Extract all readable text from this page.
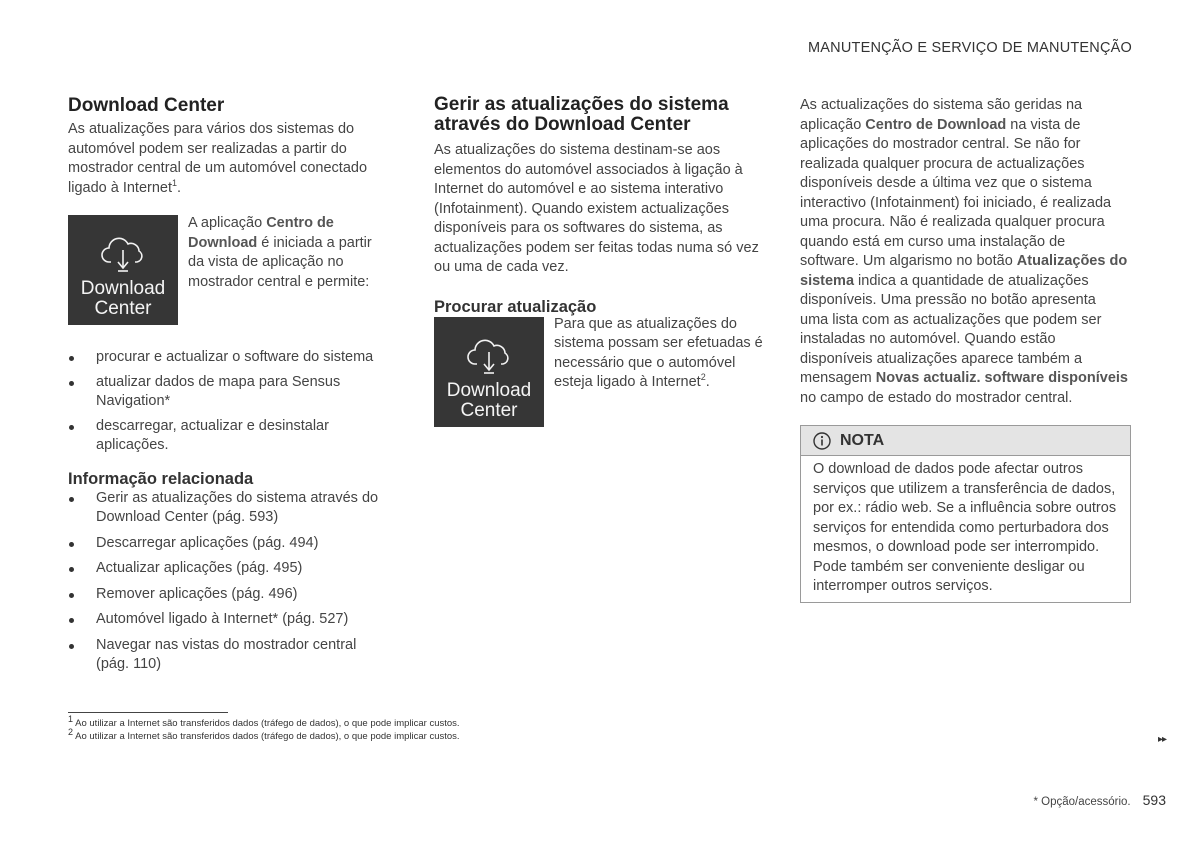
MANUTENÇÃO E SERVIÇO DE MANUTENÇÃO
Download Center

As atualizações para vários dos sistemas do automóvel podem ser realizadas a partir do mostrador central de um automóvel conectado ligado à Internet$^1$.

Download Center

A aplicação Centro de Download é iniciada a partir da vista de aplicação no mostrador central e permite:

procurar e actualizar o software do sistema
atualizar dados de mapa para Sensus Navigation*
descarregar, actualizar e desinstalar aplicações.
Informação relacionada
Gerir as atualizações do sistema através do Download Center (pág. 593)
Descarregar aplicações (pág. 494)
Actualizar aplicações (pág. 495)
Remover aplicações (pág. 496)
Automóvel ligado à Internet* (pág. 527)
Navegar nas vistas do mostrador central (pág. 110)
Gerir as atualizações do sistema através do Download Center

As atualizações do sistema destinam-se aos elementos do automóvel associados à ligação à Internet do automóvel e ao sistema interativo (Infotainment). Quando existem actualizações disponíveis para os softwares do sistema, as actualizações podem ser feitas todas numa só vez ou uma de cada vez.

Procurar atualização
Download Center

Para que as atualizações do sistema possam ser efetuadas é necessário que o automóvel esteja ligado à Internet$^2$.

As actualizações do sistema são geridas na aplicação Centro de Download na vista de aplicações do mostrador central. Se não for realizada qualquer procura de actualizações disponíveis desde a última vez que o sistema interactivo (Infotainment) foi iniciado, é realizada uma procura. Não é realizada qualquer procura quando está em curso uma instalação de software. Um algarismo no botão Atualizações do sistema indica a quantidade de atualizações disponíveis. Uma pressão no botão apresenta uma lista com as actualizações que podem ser instaladas no automóvel. Quando estão disponíveis atualizações aparece também a mensagem Novas actualiz. software disponíveis no campo de estado do mostrador central.

NOTA

O download de dados pode afectar outros serviços que utilizem a transferência de dados, por ex.: rádio web. Se a influência sobre outros serviços for entendida como perturbadora dos mesmos, o download pode ser interrompido. Pode também ser conveniente desligar ou interromper outros serviços.

$^1$ Ao utilizar a Internet são transferidos dados (tráfego de dados), o que pode implicar custos.
$^2$ Ao utilizar a Internet são transferidos dados (tráfego de dados), o que pode implicar custos.	▸▸
* Opção/acessório. 593
